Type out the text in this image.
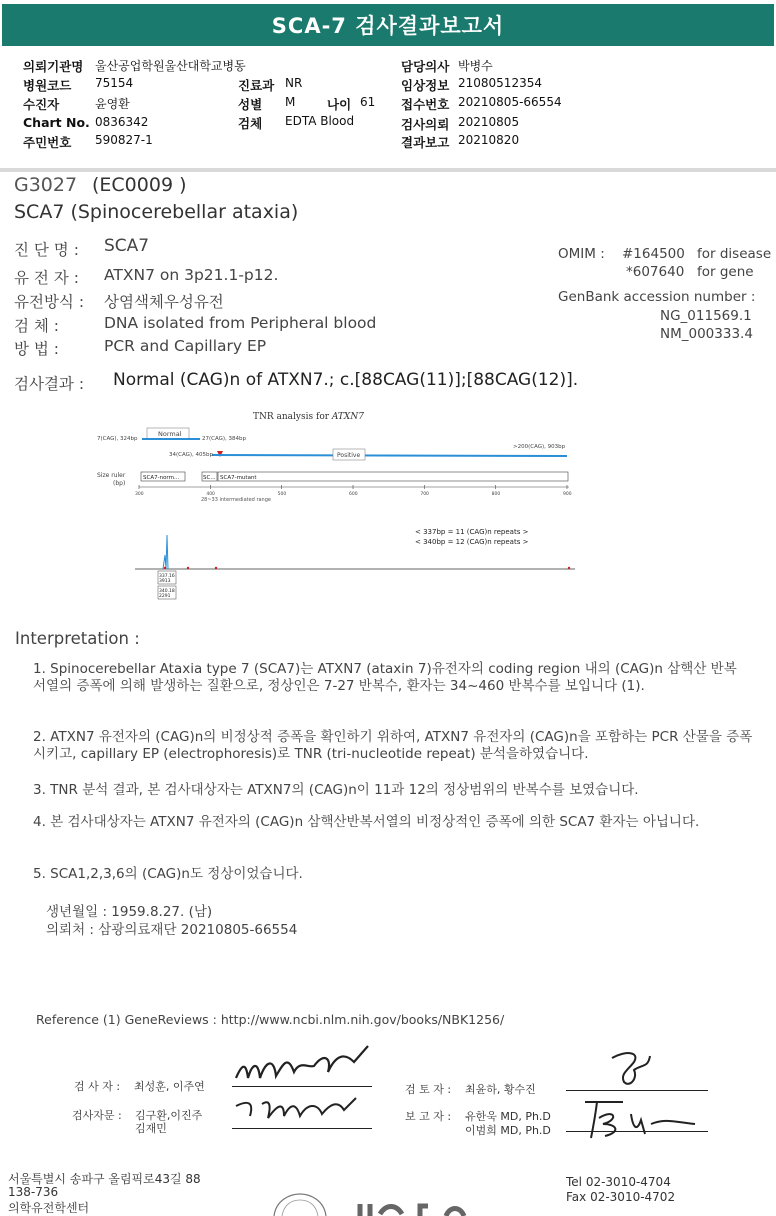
SCA-7 검사결과보고서
의뢰기관명 울산공업학원울산대학교병동
병원코드 75154
수진자	윤영환
Chart No. 0836342
주민번호 590827-1
진료과 NR
성별 M	나이 61
검체 EDTA Blood
담당의사 박병수
임상정보 21080512354
접수번호 20210805-66554
검사의뢰 20210805
결과보고 20210820
G3027 (EC0009 )
SCA7 (Spinocerebellar ataxia)
진 단 명 : SCA7
유 전 자 : ATXN7 on 3p21.1-p12.
유전방식 : 상염색체우성유전
검 체 :	DNA isolated from Peripheral blood
방 법 :	PCR and Capillary EP
OMIM : #164500 for disease
*607640 for gene
GenBank accession number :
NG_011569.1
NM_000333.4
검사결과 : Normal (CAG)n of ATXN7.; c.[88CAG(11)];[88CAG(12)].
TNR analysis for ATXN7
Normal
7(CAG), 324bp	27(CAG), 384bp
Positive
34(CAG), 405bp
>200(CAG), 903bp
Size ruler
(bp)
SCA7-norm...	SC... SCA7-mutant
300	400	500	600	700	800	900
28~33 intermediated range
< 337bp = 11 (CAG)n repeats >
< 340bp = 12 (CAG)n repeats >
337.16
3913
340.18
2291
Interpretation :
1. Spinocerebellar Ataxia type 7 (SCA7)는 ATXN7 (ataxin 7)유전자의 coding region 내의 (CAG)n 삼핵산 반복서열의 증폭에 의해 발생하는 질환으로, 정상인은 7-27 반복수, 환자는 34~460 반복수를 보입니다 (1).
2. ATXN7 유전자의 (CAG)n의 비정상적 증폭을 확인하기 위하여, ATXN7 유전자의 (CAG)n을 포함하는 PCR 산물을 증폭시키고, capillary EP (electrophoresis)로 TNR (tri-nucleotide repeat) 분석을하였습니다.
3. TNR 분석 결과, 본 검사대상자는 ATXN7의 (CAG)n이 11과 12의 정상범위의 반복수를 보였습니다.
4. 본 검사대상자는 ATXN7 유전자의 (CAG)n 삼핵산반복서열의 비정상적인 증폭에 의한 SCA7 환자는 아닙니다.
5. SCA1,2,3,6의 (CAG)n도 정상이었습니다.
생년월일 : 1959.8.27. (남)
의뢰처 : 삼광의료재단 20210805-66554
Reference (1) GeneReviews : http://www.ncbi.nlm.nih.gov/books/NBK1256/
검 사 자 : 최성훈, 이주연
검사자문 : 김구환,이진주
김재민
검 토 자 : 최윤하, 황수진
보 고 자 : 유한욱 MD, Ph.D
이범희 MD, Ph.D
서울특별시 송파구 올림픽로43길 88
138-736
의학유전학센터
Tel 02-3010-4704
Fax 02-3010-4702
